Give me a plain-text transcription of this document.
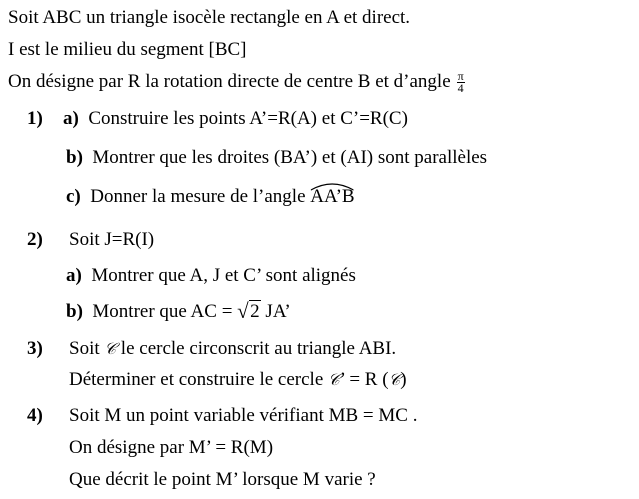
Soit ABC un triangle isocèle rectangle en A et direct.
I est le milieu du segment [BC]
On désigne par R la rotation directe de centre B et d’angle $\frac{\pi}{4}$
1) a) Construire les points A’=R(A) et C’=R(C)
b) Montrer que les droites (BA’) et (AI) sont parallèles
c) Donner la mesure de l’angle
AA’B
2) Soit J=R(I)
a) Montrer que A, J et C’ sont alignés
b) Montrer que AC = √ 2 JA’
3) Soit 𝒞 le cercle circonscrit au triangle ABI.
Déterminer et construire le cercle 𝒞’ = R (𝒞)
4) Soit M un point variable vérifiant MB = MC .
On désigne par M’ = R(M)
Que décrit le point M’ lorsque M varie ?
